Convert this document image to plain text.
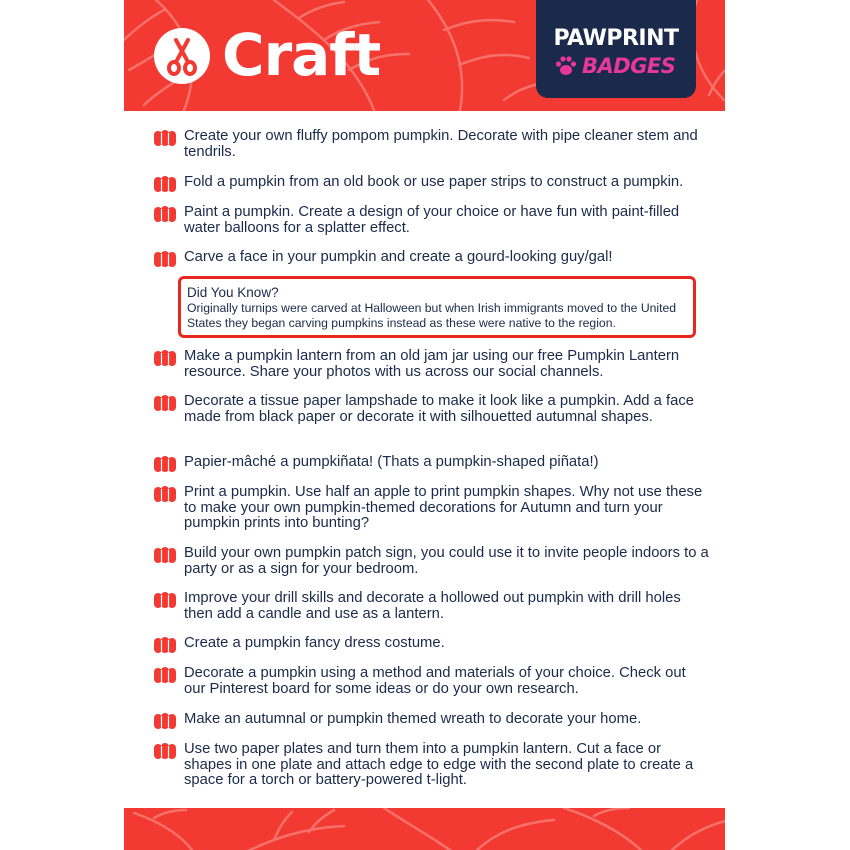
Craft	PAWPRINT
BADGES
Create your own fluffy pompom pumpkin. Decorate with pipe cleaner stem and tendrils.
Fold a pumpkin from an old book or use paper strips to construct a pumpkin.
Paint a pumpkin. Create a design of your choice or have fun with paint-filled water balloons for a splatter effect.
Carve a face in your pumpkin and create a gourd-looking guy/gal!
Did You Know?
Originally turnips were carved at Halloween but when Irish immigrants moved to the United States they began carving pumpkins instead as these were native to the region.
Make a pumpkin lantern from an old jam jar using our free Pumpkin Lantern resource. Share your photos with us across our social channels.
Decorate a tissue paper lampshade to make it look like a pumpkin. Add a face made from black paper or decorate it with silhouetted autumnal shapes.
Papier-mâché a pumpkiñata! (Thats a pumpkin-shaped piñata!)
Print a pumpkin. Use half an apple to print pumpkin shapes. Why not use these to make your own pumpkin-themed decorations for Autumn and turn your pumpkin prints into bunting?
Build your own pumpkin patch sign, you could use it to invite people indoors to a party or as a sign for your bedroom.
Improve your drill skills and decorate a hollowed out pumpkin with drill holes then add a candle and use as a lantern.
Create a pumpkin fancy dress costume.
Decorate a pumpkin using a method and materials of your choice. Check out our Pinterest board for some ideas or do your own research.
Make an autumnal or pumpkin themed wreath to decorate your home.
Use two paper plates and turn them into a pumpkin lantern. Cut a face or shapes in one plate and attach edge to edge with the second plate to create a space for a torch or battery-powered t-light.
